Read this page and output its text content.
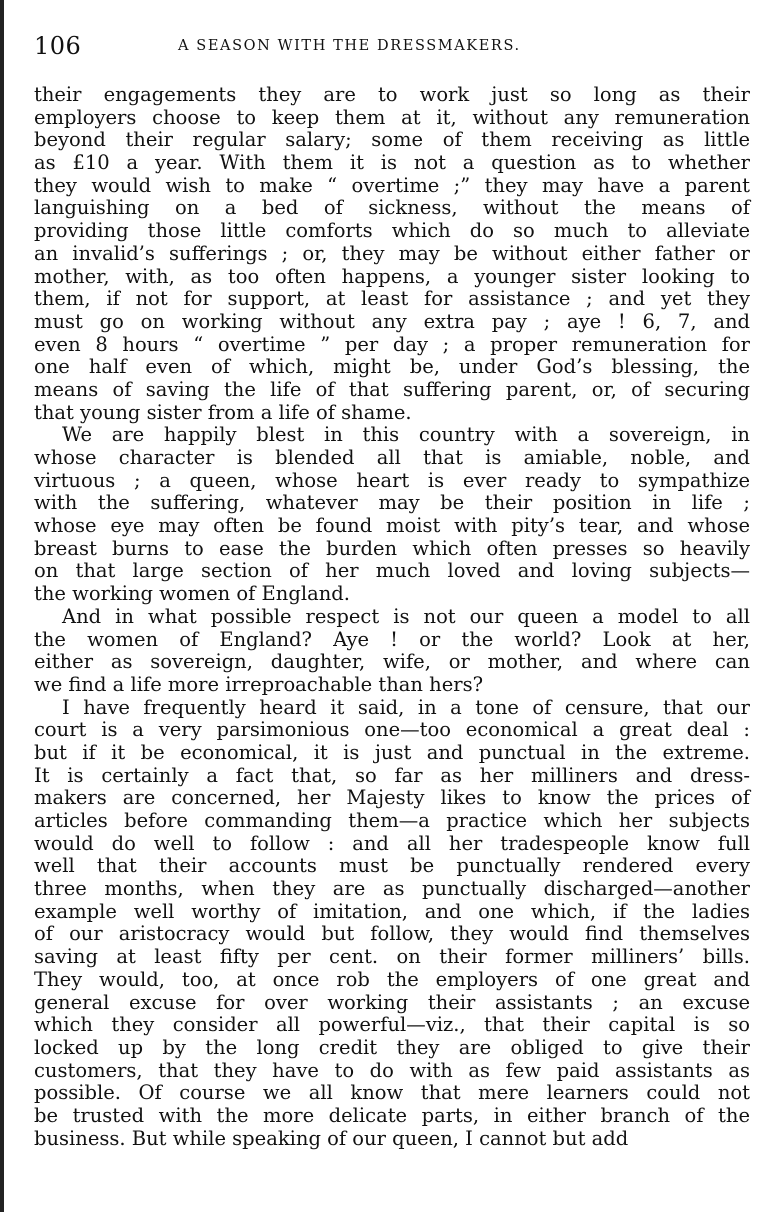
106	A SEASON WITH THE DRESSMAKERS.
their engagements they are to work just so long as their
employers choose to keep them at it, without any remuneration
beyond their regular salary; some of them receiving as little
as £10 a year. With them it is not a question as to whether
they would wish to make “ overtime ;” they may have a parent
languishing on a bed of sickness, without the means of
providing those little comforts which do so much to alleviate
an invalid’s sufferings ; or, they may be without either father or
mother, with, as too often happens, a younger sister looking to
them, if not for support, at least for assistance ; and yet they
must go on working without any extra pay ; aye ! 6, 7, and
even 8 hours “ overtime ” per day ; a proper remuneration for
one half even of which, might be, under God’s blessing, the
means of saving the life of that suffering parent, or, of securing
that young sister from a life of shame.
We are happily blest in this country with a sovereign, in
whose character is blended all that is amiable, noble, and
virtuous ; a queen, whose heart is ever ready to sympathize
with the suffering, whatever may be their position in life ;
whose eye may often be found moist with pity’s tear, and whose
breast burns to ease the burden which often presses so heavily
on that large section of her much loved and loving subjects—
the working women of England.
And in what possible respect is not our queen a model to all
the women of England? Aye ! or the world? Look at her,
either as sovereign, daughter, wife, or mother, and where can
we find a life more irreproachable than hers?
I have frequently heard it said, in a tone of censure, that our
court is a very parsimonious one—too economical a great deal :
but if it be economical, it is just and punctual in the extreme.
It is certainly a fact that, so far as her milliners and dress-
makers are concerned, her Majesty likes to know the prices of
articles before commanding them—a practice which her subjects
would do well to follow : and all her tradespeople know full
well that their accounts must be punctually rendered every
three months, when they are as punctually discharged—another
example well worthy of imitation, and one which, if the ladies
of our aristocracy would but follow, they would find themselves
saving at least fifty per cent. on their former milliners’ bills.
They would, too, at once rob the employers of one great and
general excuse for over working their assistants ; an excuse
which they consider all powerful—viz., that their capital is so
locked up by the long credit they are obliged to give their
customers, that they have to do with as few paid assistants as
possible. Of course we all know that mere learners could not
be trusted with the more delicate parts, in either branch of the
business. But while speaking of our queen, I cannot but add
